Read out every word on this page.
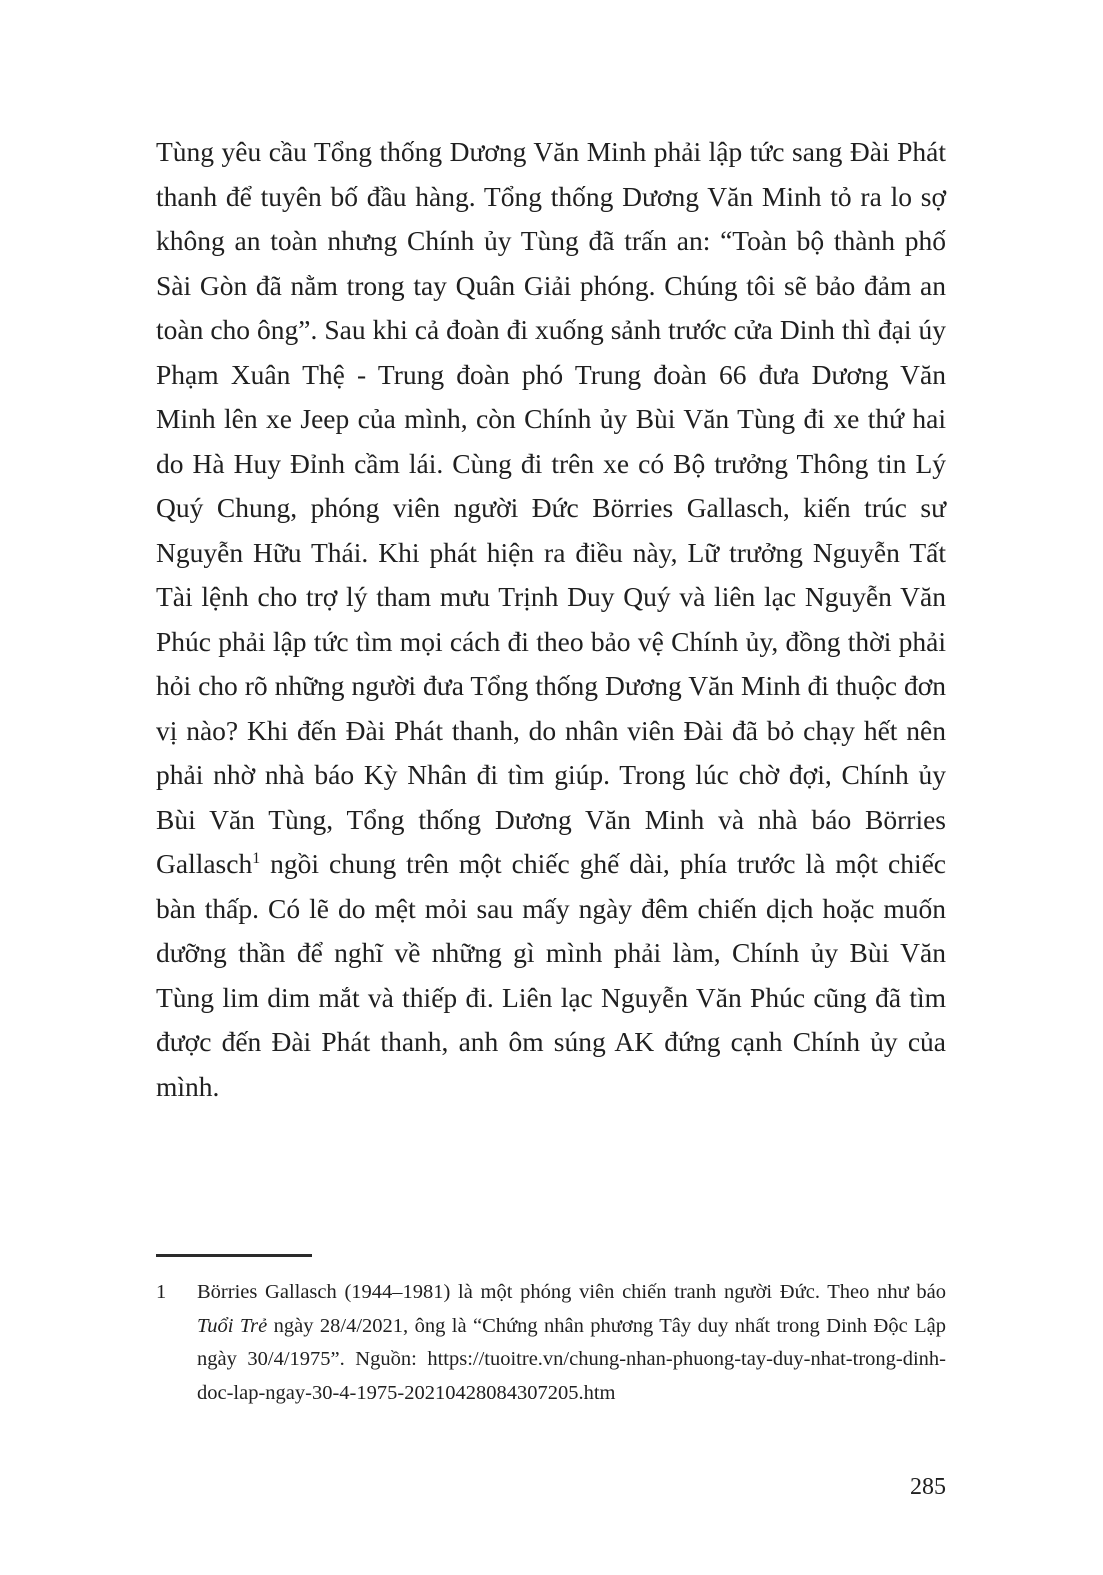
Tùng yêu cầu Tổng thống Dương Văn Minh phải lập tức sang Đài Phát thanh để tuyên bố đầu hàng. Tổng thống Dương Văn Minh tỏ ra lo sợ không an toàn nhưng Chính ủy Tùng đã trấn an: “Toàn bộ thành phố Sài Gòn đã nằm trong tay Quân Giải phóng. Chúng tôi sẽ bảo đảm an toàn cho ông”. Sau khi cả đoàn đi xuống sảnh trước cửa Dinh thì đại úy Phạm Xuân Thệ - Trung đoàn phó Trung đoàn 66 đưa Dương Văn Minh lên xe Jeep của mình, còn Chính ủy Bùi Văn Tùng đi xe thứ hai do Hà Huy Đỉnh cầm lái. Cùng đi trên xe có Bộ trưởng Thông tin Lý Quý Chung, phóng viên người Đức Börries Gallasch, kiến trúc sư Nguyễn Hữu Thái. Khi phát hiện ra điều này, Lữ trưởng Nguyễn Tất Tài lệnh cho trợ lý tham mưu Trịnh Duy Quý và liên lạc Nguyễn Văn Phúc phải lập tức tìm mọi cách đi theo bảo vệ Chính ủy, đồng thời phải hỏi cho rõ những người đưa Tổng thống Dương Văn Minh đi thuộc đơn vị nào? Khi đến Đài Phát thanh, do nhân viên Đài đã bỏ chạy hết nên phải nhờ nhà báo Kỳ Nhân đi tìm giúp. Trong lúc chờ đợi, Chính ủy Bùi Văn Tùng, Tổng thống Dương Văn Minh và nhà báo Börries Gallasch$^1$ ngồi chung trên một chiếc ghế dài, phía trước là một chiếc bàn thấp. Có lẽ do mệt mỏi sau mấy ngày đêm chiến dịch hoặc muốn dưỡng thần để nghĩ về những gì mình phải làm, Chính ủy Bùi Văn Tùng lim dim mắt và thiếp đi. Liên lạc Nguyễn Văn Phúc cũng đã tìm được đến Đài Phát thanh, anh ôm súng AK đứng cạnh Chính ủy của mình.
1	Börries Gallasch (1944–1981) là một phóng viên chiến tranh người Đức. Theo như báo Tuổi Trẻ ngày 28/4/2021, ông là “Chứng nhân phương Tây duy nhất trong Dinh Độc Lập ngày 30/4/1975”. Nguồn: https://tuoitre.vn/chung-nhan-phuong-tay-duy-nhat-trong-dinh-doc-lap-ngay-30-4-1975-20210428084307205.htm
285
